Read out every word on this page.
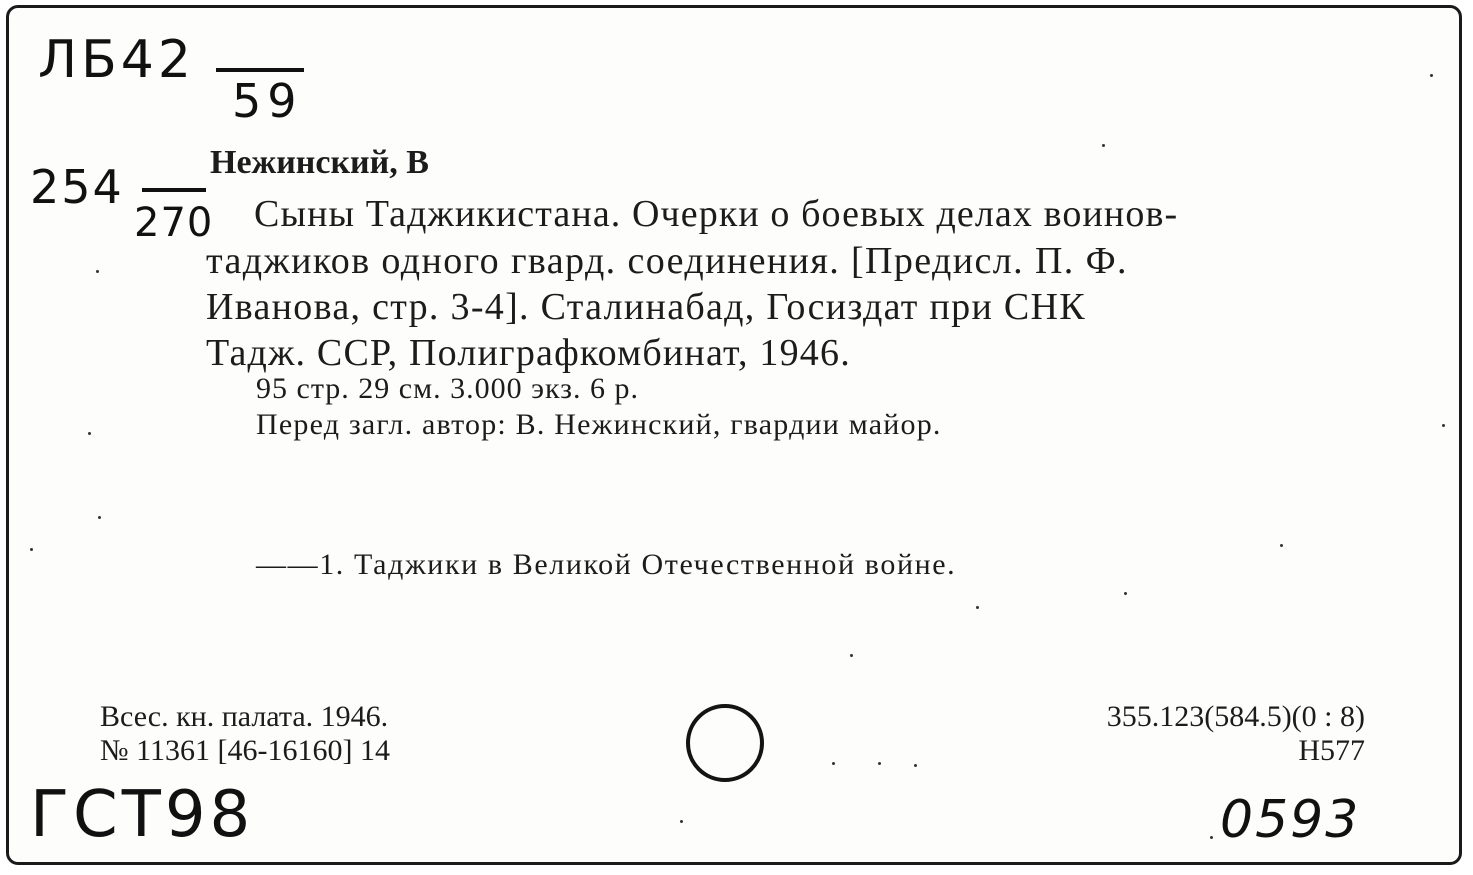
ЛБ42
59
254
270
Нежинский, В
Сыны Таджикистана. Очерки о боевых делах воинов-
таджиков одного гвард. соединения. [Предисл. П. Ф.
Иванова, стр. 3-4]. Сталинабад, Госиздат при СНК
Тадж. ССР, Полиграфкомбинат, 1946.
95 стр. 29 см. 3.000 экз. 6 р.
Перед загл. автор: В. Нежинский, гвардии майор.
——1. Таджики в Великой Отечественной войне.
Всес. кн. палата. 1946.
№ 11361 [46-16160] 14
355.123(584.5)(0 : 8)
Н577
ГСТ98	0593
